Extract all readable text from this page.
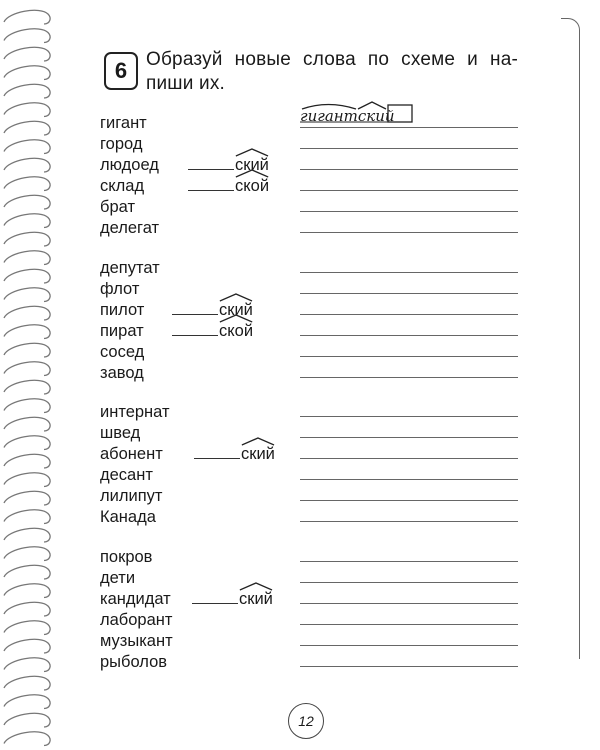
6 Образуй новые слова по схеме и на- пиши их.
гигант
город
людоед
склад
брат
делегат
ский
ской
депутат
флот
пилот
пират
сосед
завод
ский
ской
интернат
швед
абонент
десант
лилипут
Канада
ский
покров
дети
кандидат
лаборант
музыкант
рыболов
ский
гигантский
12
